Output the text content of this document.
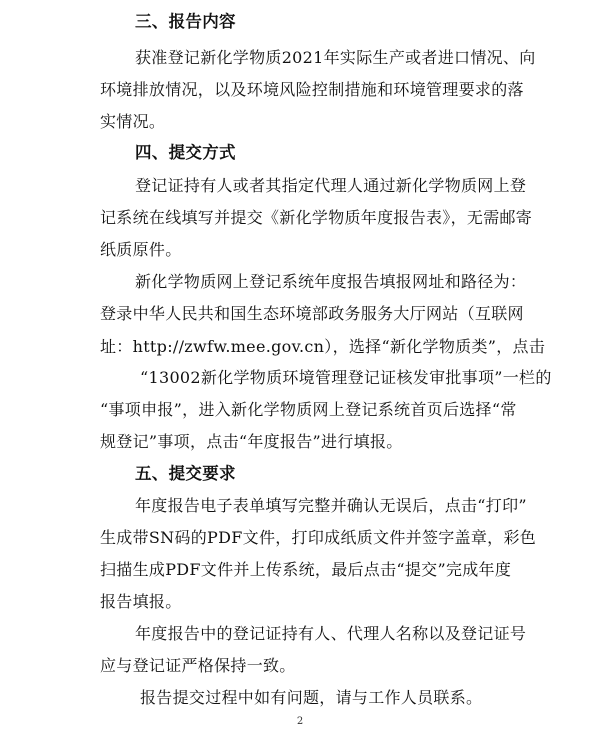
三、报告内容
获准登记新化学物质2021年实际生产或者进口情况、向
环境排放情况，以及环境风险控制措施和环境管理要求的落
实情况。
四、提交方式
登记证持有人或者其指定代理人通过新化学物质网上登
记系统在线填写并提交《新化学物质年度报告表》，无需邮寄
纸质原件。
新化学物质网上登记系统年度报告填报网址和路径为：
登录中华人民共和国生态环境部政务服务大厅网站（互联网
址：http://zwfw.mee.gov.cn），选择“新化学物质类”，点击
“13002新化学物质环境管理登记证核发审批事项”一栏的
“事项申报”，进入新化学物质网上登记系统首页后选择“常
规登记”事项，点击“年度报告”进行填报。
五、提交要求
年度报告电子表单填写完整并确认无误后，点击“打印”
生成带SN码的PDF文件，打印成纸质文件并签字盖章，彩色
扫描生成PDF文件并上传系统，最后点击“提交”完成年度
报告填报。
年度报告中的登记证持有人、代理人名称以及登记证号
应与登记证严格保持一致。
报告提交过程中如有问题，请与工作人员联系。
2
